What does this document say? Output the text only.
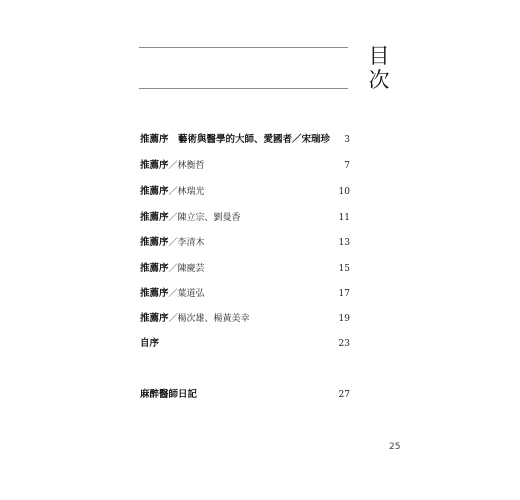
目
次
推薦序　藝術與醫學的大師、愛國者／宋瑞珍 3
推薦序／林衡哲	7
推薦序／林瑞光	10
推薦序／陳立宗、劉曼香	11
推薦序／李清木	13
推薦序／陳慶芸	15
推薦序／葉道弘	17
推薦序／楊次雄、楊黃美幸	19
自序	23
麻醉醫師日記	27
25
